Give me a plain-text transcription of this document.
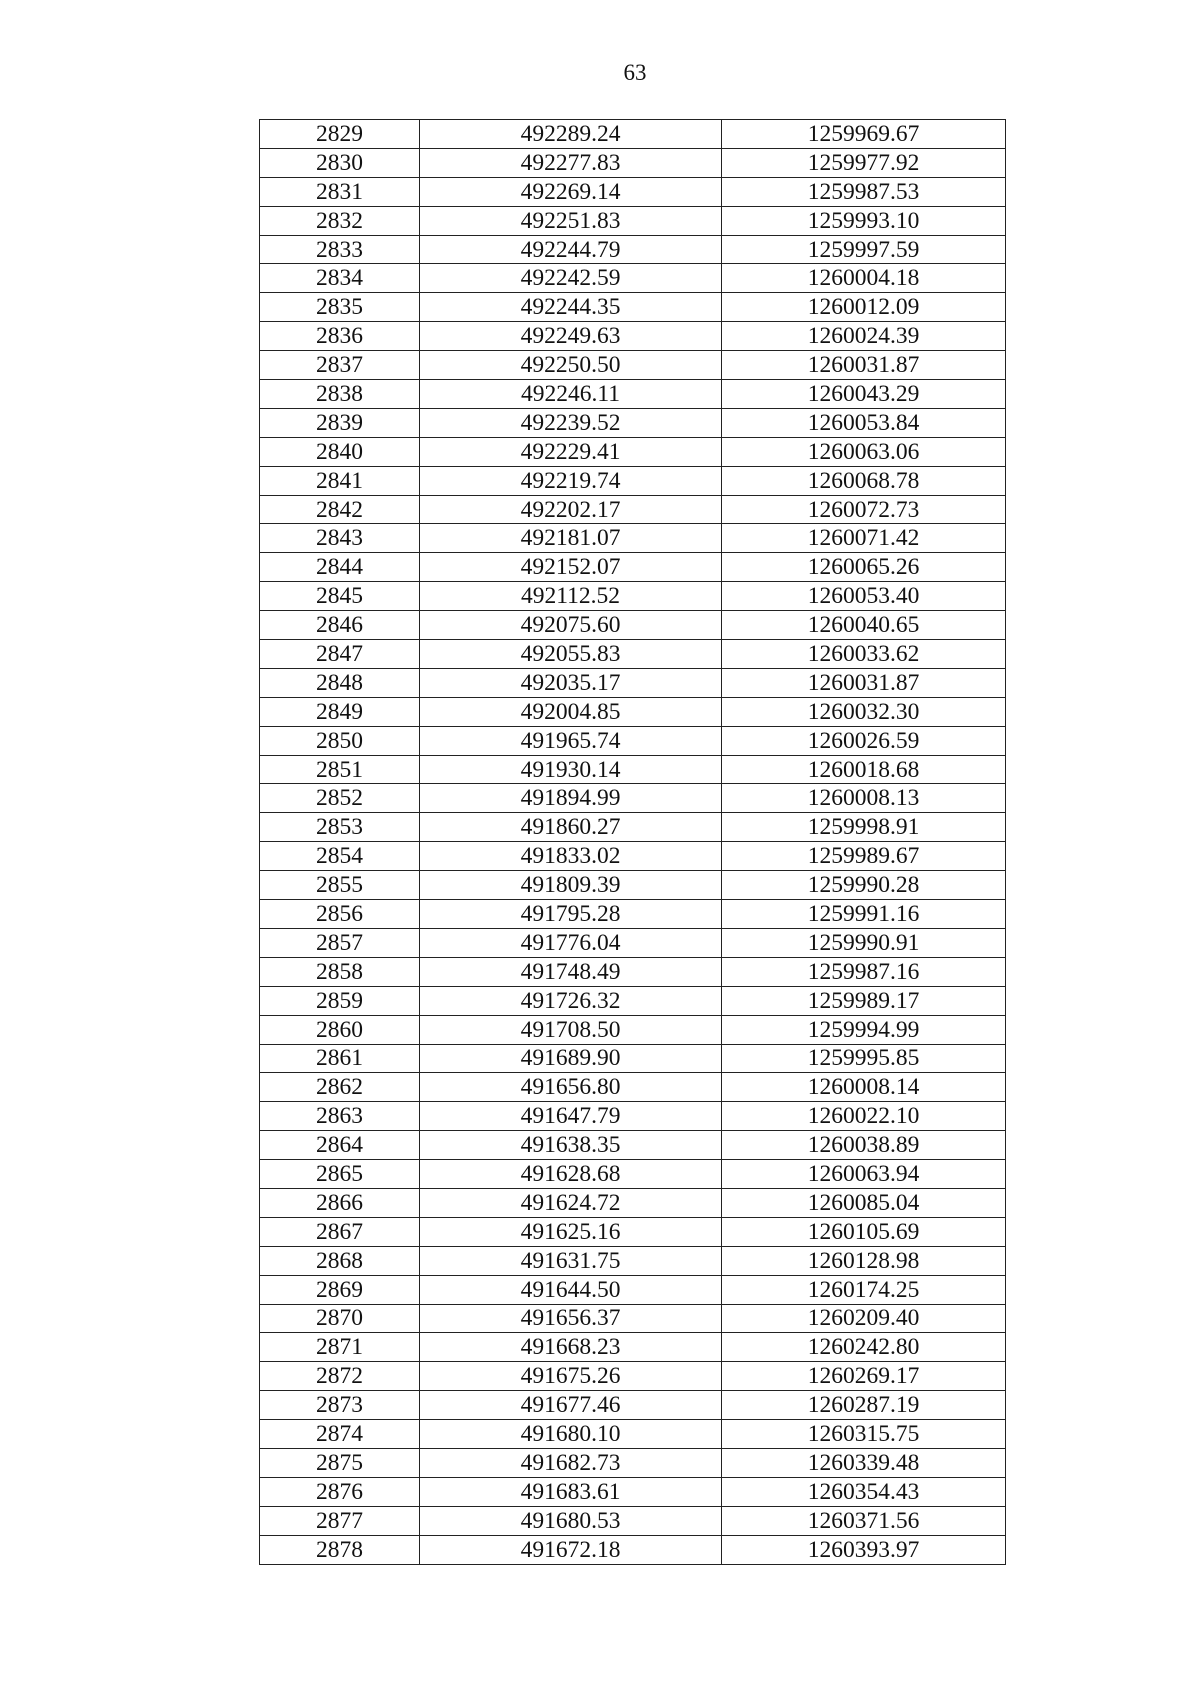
63
2829	492289.24	1259969.67
2830	492277.83	1259977.92
2831	492269.14	1259987.53
2832	492251.83	1259993.10
2833	492244.79	1259997.59
2834	492242.59	1260004.18
2835	492244.35	1260012.09
2836	492249.63	1260024.39
2837	492250.50	1260031.87
2838	492246.11	1260043.29
2839	492239.52	1260053.84
2840	492229.41	1260063.06
2841	492219.74	1260068.78
2842	492202.17	1260072.73
2843	492181.07	1260071.42
2844	492152.07	1260065.26
2845	492112.52	1260053.40
2846	492075.60	1260040.65
2847	492055.83	1260033.62
2848	492035.17	1260031.87
2849	492004.85	1260032.30
2850	491965.74	1260026.59
2851	491930.14	1260018.68
2852	491894.99	1260008.13
2853	491860.27	1259998.91
2854	491833.02	1259989.67
2855	491809.39	1259990.28
2856	491795.28	1259991.16
2857	491776.04	1259990.91
2858	491748.49	1259987.16
2859	491726.32	1259989.17
2860	491708.50	1259994.99
2861	491689.90	1259995.85
2862	491656.80	1260008.14
2863	491647.79	1260022.10
2864	491638.35	1260038.89
2865	491628.68	1260063.94
2866	491624.72	1260085.04
2867	491625.16	1260105.69
2868	491631.75	1260128.98
2869	491644.50	1260174.25
2870	491656.37	1260209.40
2871	491668.23	1260242.80
2872	491675.26	1260269.17
2873	491677.46	1260287.19
2874	491680.10	1260315.75
2875	491682.73	1260339.48
2876	491683.61	1260354.43
2877	491680.53	1260371.56
2878	491672.18	1260393.97
